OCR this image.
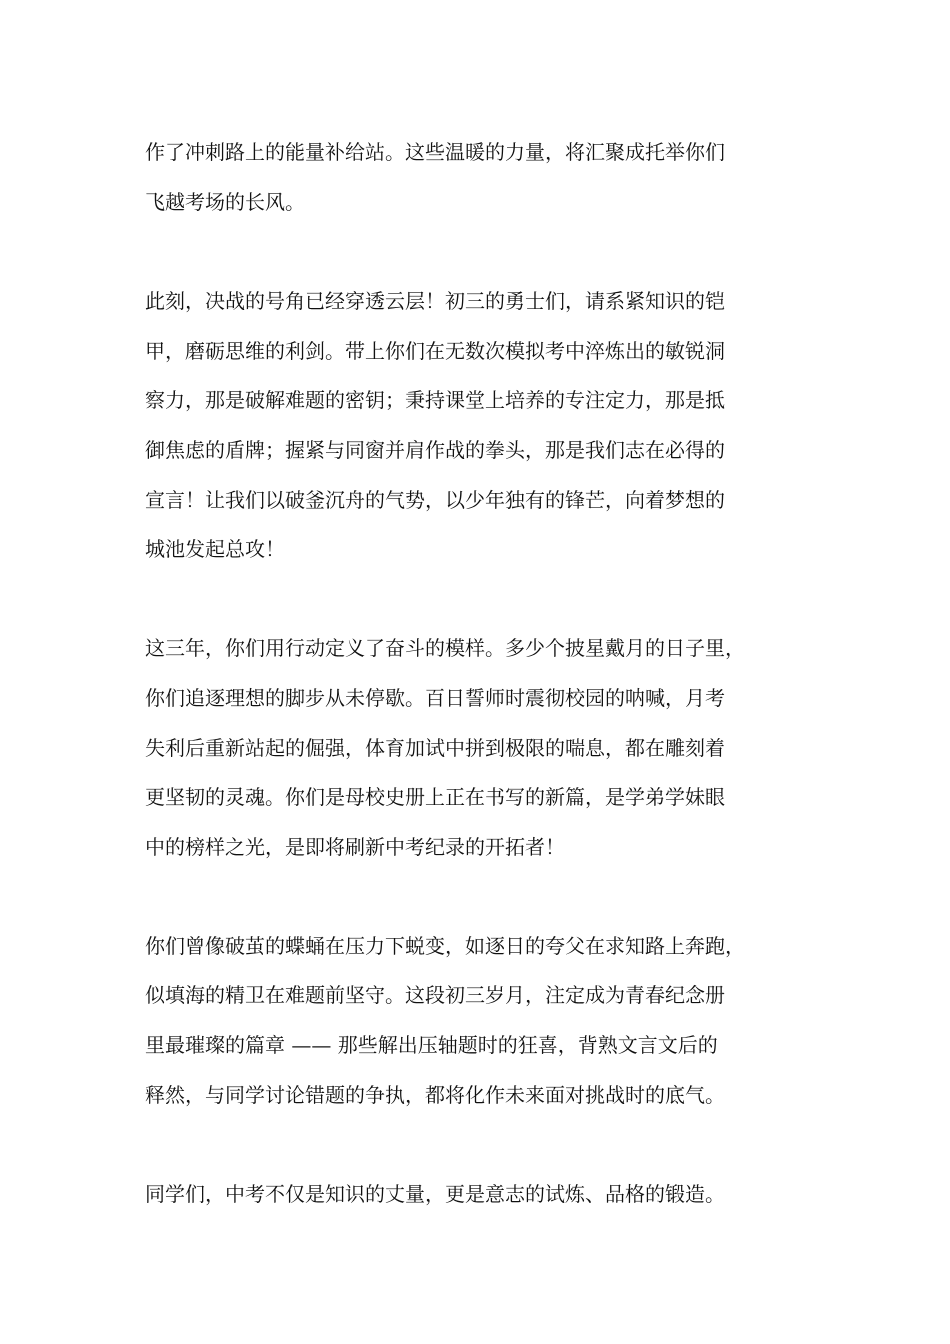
作了冲刺路上的能量补给站。这些温暖的力量，将汇聚成托举你们
飞越考场的长风。
此刻，决战的号角已经穿透云层！初三的勇士们，请系紧知识的铠
甲，磨砺思维的利剑。带上你们在无数次模拟考中淬炼出的敏锐洞
察力，那是破解难题的密钥；秉持课堂上培养的专注定力，那是抵
御焦虑的盾牌；握紧与同窗并肩作战的拳头，那是我们志在必得的
宣言！让我们以破釜沉舟的气势，以少年独有的锋芒，向着梦想的
城池发起总攻！
这三年，你们用行动定义了奋斗的模样。多少个披星戴月的日子里，
你们追逐理想的脚步从未停歇。百日誓师时震彻校园的呐喊，月考
失利后重新站起的倔强，体育加试中拼到极限的喘息，都在雕刻着
更坚韧的灵魂。你们是母校史册上正在书写的新篇，是学弟学妹眼
中的榜样之光，是即将刷新中考纪录的开拓者！
你们曾像破茧的蝶蛹在压力下蜕变，如逐日的夸父在求知路上奔跑，
似填海的精卫在难题前坚守。这段初三岁月，注定成为青春纪念册
里最璀璨的篇章 —— 那些解出压轴题时的狂喜，背熟文言文后的
释然，与同学讨论错题的争执，都将化作未来面对挑战时的底气。
同学们，中考不仅是知识的丈量，更是意志的试炼、品格的锻造。
